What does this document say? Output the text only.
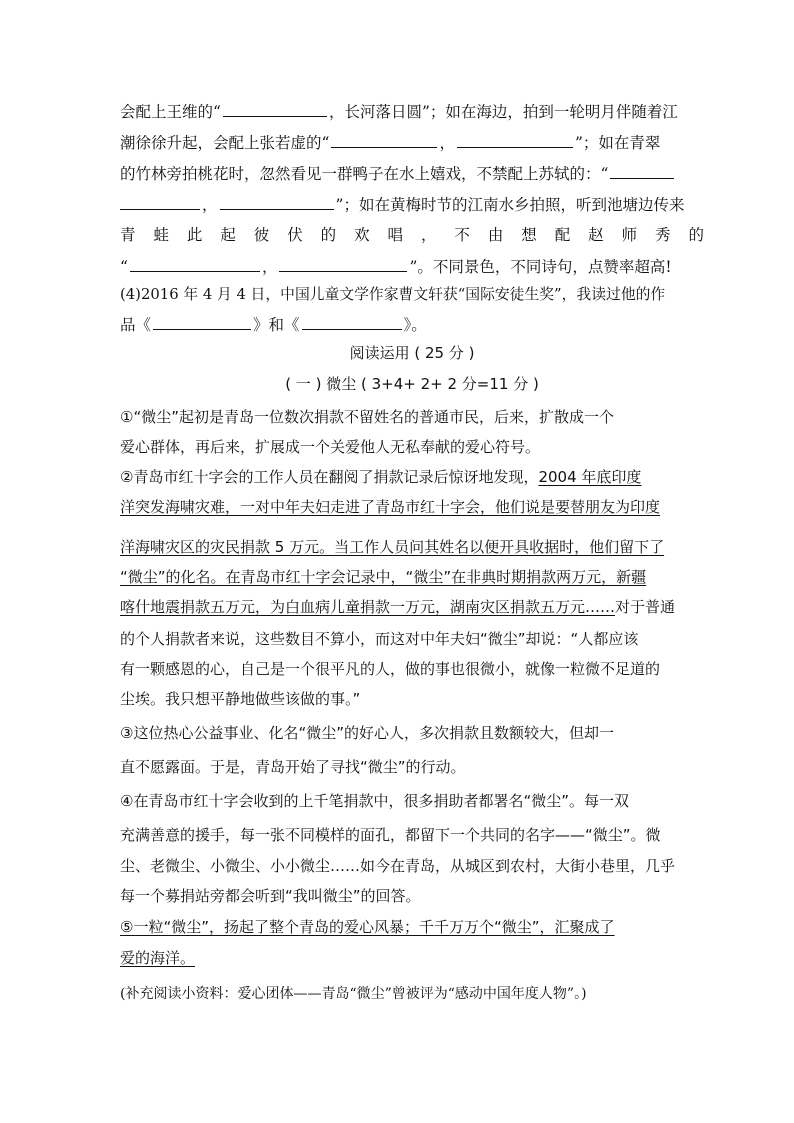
会配上王维的“	，长河落日圆”；如在海边，拍到一轮明月伴随着江
潮徐徐升起，会配上张若虚的“	，	”；如在青翠
的竹林旁拍桃花时，忽然看见一群鸭子在水上嬉戏，不禁配上苏轼的：“
，	”；如在黄梅时节的江南水乡拍照，听到池塘边传来
青 蛙 此 起 彼 伏 的 欢 唱 ， 不 由 想 配 赵 师 秀 的
“	，	”。不同景色，不同诗句，点赞率超高!
(4)2016 年 4 月 4 日，中国儿童文学作家曹文轩获“国际安徒生奖”，我读过他的作
品《	》和《	》。
阅读运用 ( 25 分 )
( 一 ) 微尘 ( 3+4+ 2+ 2 分=11 分 )
①“微尘”起初是青岛一位数次捐款不留姓名的普通市民，后来，扩散成一个
爱心群体，再后来，扩展成一个关爱他人无私奉献的爱心符号。
②青岛市红十字会的工作人员在翻阅了捐款记录后惊讶地发现，2004 年底印度
洋突发海啸灾难，一对中年夫妇走进了青岛市红十字会，他们说是要替朋友为印度
洋海啸灾区的灾民捐款 5 万元。当工作人员问其姓名以便开具收据时，他们留下了
“微尘”的化名。在青岛市红十字会记录中，“微尘”在非典时期捐款两万元，新疆
喀什地震捐款五万元，为白血病儿童捐款一万元，湖南灾区捐款五万元……对于普通
的个人捐款者来说，这些数目不算小，而这对中年夫妇“微尘”却说：“人都应该
有一颗感恩的心，自己是一个很平凡的人，做的事也很微小，就像一粒微不足道的
尘埃。我只想平静地做些该做的事。”
③这位热心公益事业、化名“微尘”的好心人，多次捐款且数额较大，但却一
直不愿露面。于是，青岛开始了寻找“微尘”的行动。
④在青岛市红十字会收到的上千笔捐款中，很多捐助者都署名“微尘”。每一双
充满善意的援手，每一张不同模样的面孔，都留下一个共同的名字——“微尘”。微
尘、老微尘、小微尘、小小微尘……如今在青岛，从城区到农村，大街小巷里，几乎
每一个募捐站旁都会听到“我叫微尘”的回答。
⑤一粒“微尘”，扬起了整个青岛的爱心风暴；千千万万个“微尘”，汇聚成了
爱的海洋。
(补充阅读小资料：爱心团体——青岛“微尘”曾被评为“感动中国年度人物”。)
